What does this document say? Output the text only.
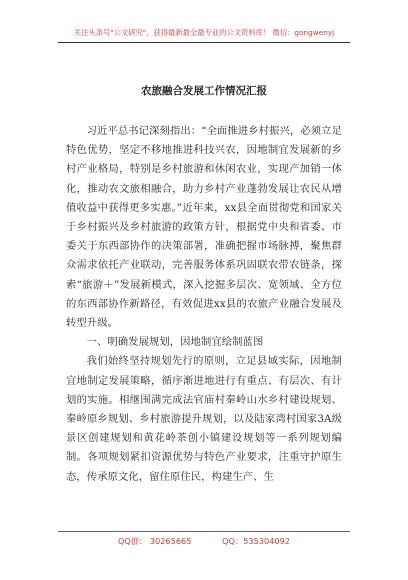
关注头条号"公文研究"，获得最新最全最专业的公文资料库！ 微信：gongwenyj
农旅融合发展工作情况汇报

习近平总书记深刻指出：“全面推进乡村振兴，必须立足特色优势，坚定不移地推进科技兴农，因地制宜发展新的乡村产业格局，特别是乡村旅游和休闲农业，实现产加销一体化，推动农文旅相融合，助力乡村产业蓬勃发展让农民从增值收益中获得更多实惠。”近年来，xx县全面贯彻党和国家关于乡村振兴及乡村旅游的政策方针，根据党中央和省委、市委关于东西部协作的决策部署，准确把握市场脉搏，聚焦群众需求依托产业联动，完善服务体系巩固联农带农链条，探索“旅游＋”发展新模式，深入挖掘多层次、宽领域、全方位的东西部协作新路径，有效促进xx县的农旅产业融合发展及转型升级。

一、明确发展规划，因地制宜绘制蓝图

我们始终坚持规划先行的原则，立足县域实际，因地制宜地制定发展策略，循序渐进地进行有重点、有层次、有计划的实施。相继围满完成法官庙村秦岭山水乡村建设规划、秦岭原乡规划、乡村旅游提升规划，以及陆家湾村国家3A级景区创建规划和黄花岭茶创小镇建设规划等一系列规划编制。各项规划紧扣资源优势与特色产业要求，注重守护原生态，传承原文化，留住原住民，构建生产、生

QQ群： 30265665	QQ：535304092
